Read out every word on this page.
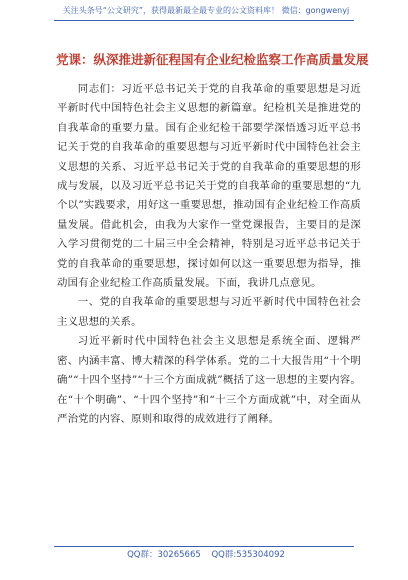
关注头条号“公文研究”，获得最新最全最专业的公文资料库！ 微信：gongwenyj
党课：纵深推进新征程国有企业纪检监察工作高质量发展

同志们：习近平总书记关于党的自我革命的重要思想是习近平新时代中国特色社会主义思想的新篇章。纪检机关是推进党的自我革命的重要力量。国有企业纪检干部要学深悟透习近平总书记关于党的自我革命的重要思想与习近平新时代中国特色社会主义思想的关系、习近平总书记关于党的自我革命的重要思想的形成与发展，以及习近平总书记关于党的自我革命的重要思想的“九个以”实践要求，用好这一重要思想，推动国有企业纪检工作高质量发展。借此机会，由我为大家作一堂党课报告，主要目的是深入学习贯彻党的二十届三中全会精神，特别是习近平总书记关于党的自我革命的重要思想，探讨如何以这一重要思想为指导，推动国有企业纪检工作高质量发展。下面，我讲几点意见。

一、党的自我革命的重要思想与习近平新时代中国特色社会主义思想的关系。

习近平新时代中国特色社会主义思想是系统全面、逻辑严密、内涵丰富、博大精深的科学体系。党的二十大报告用“十个明确”“十四个坚持”“十三个方面成就”概括了这一思想的主要内容。在“十个明确”、“十四个坚持”和“十三个方面成就”中，对全面从严治党的内容、原则和取得的成效进行了阐释。

QQ群：30265665 QQ群:535304092
